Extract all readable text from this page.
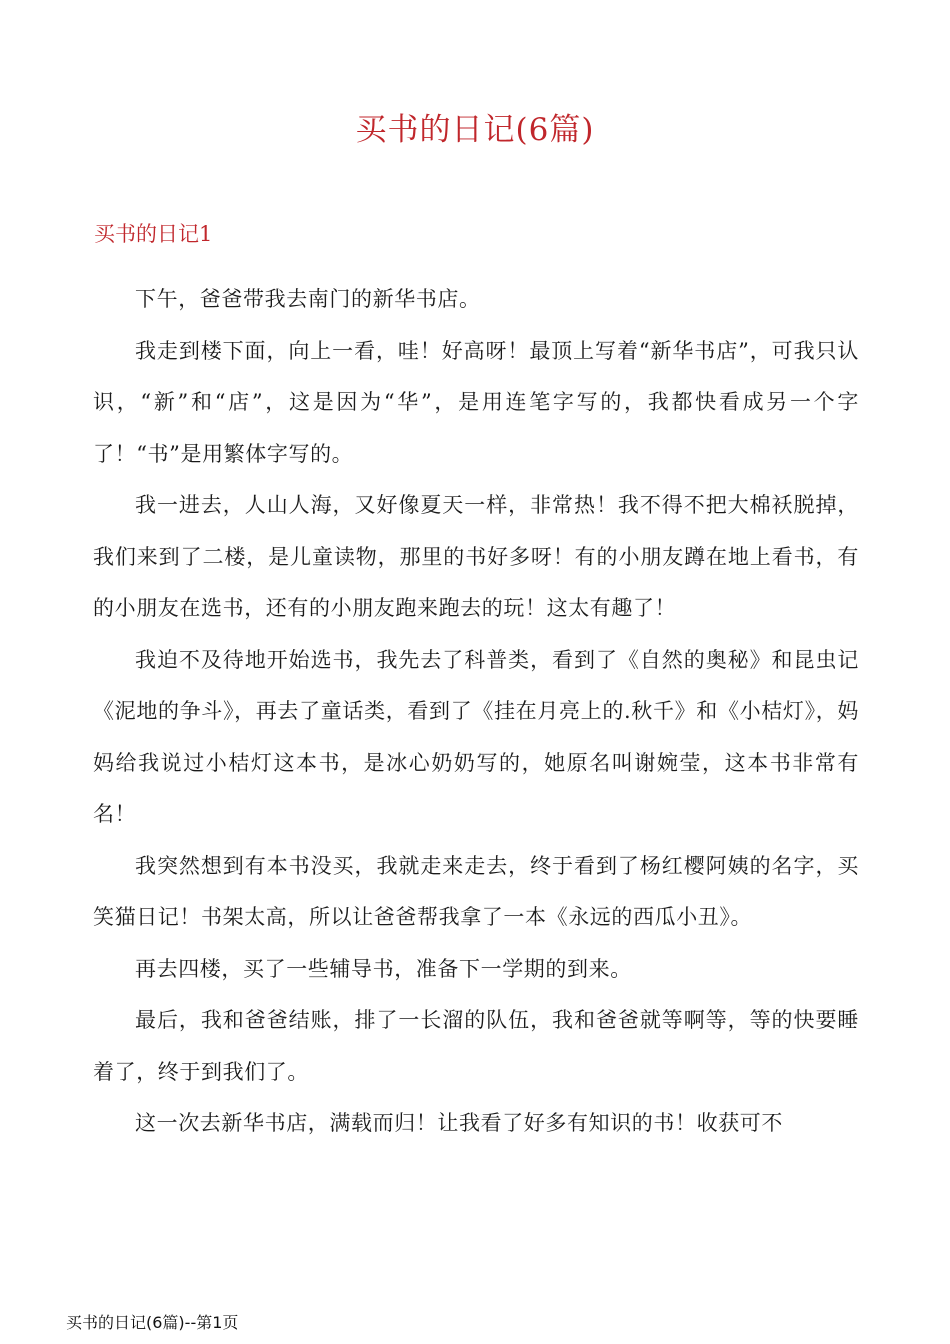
买书的日记(6篇)
买书的日记1

下午，爸爸带我去南门的新华书店。

我走到楼下面，向上一看，哇！好高呀！最顶上写着“新华书店”，可我只认识，“新”和“店”，这是因为“华”，是用连笔字写的，我都快看成另一个字了！“书”是用繁体字写的。

我一进去，人山人海，又好像夏天一样，非常热！我不得不把大棉袄脱掉，我们来到了二楼，是儿童读物，那里的书好多呀！有的小朋友蹲在地上看书，有的小朋友在选书，还有的小朋友跑来跑去的玩！这太有趣了！

我迫不及待地开始选书，我先去了科普类，看到了《自然的奥秘》和昆虫记《泥地的争斗》，再去了童话类，看到了《挂在月亮上的.秋千》和《小桔灯》，妈妈给我说过小桔灯这本书，是冰心奶奶写的，她原名叫谢婉莹，这本书非常有名！

我突然想到有本书没买，我就走来走去，终于看到了杨红樱阿姨的名字，买笑猫日记！书架太高，所以让爸爸帮我拿了一本《永远的西瓜小丑》。

再去四楼，买了一些辅导书，准备下一学期的到来。

最后，我和爸爸结账，排了一长溜的队伍，我和爸爸就等啊等，等的快要睡着了，终于到我们了。

这一次去新华书店，满载而归！让我看了好多有知识的书！收获可不

买书的日记(6篇)--第1页
